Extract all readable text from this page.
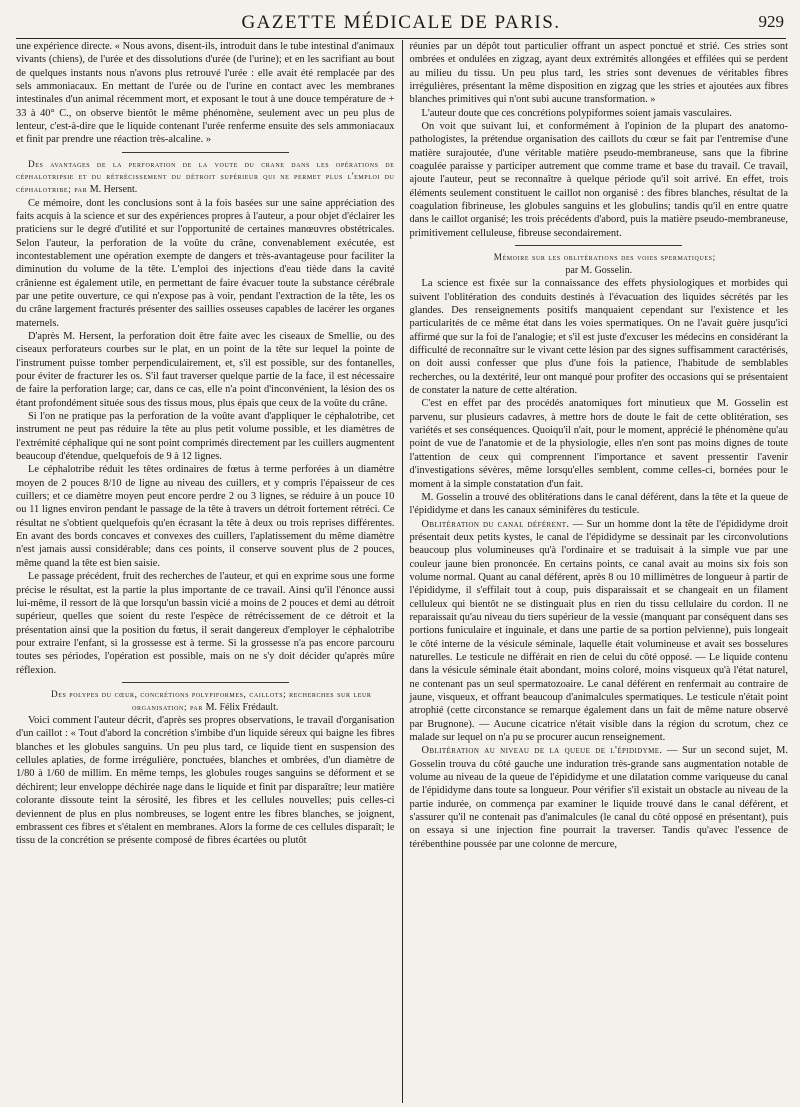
GAZETTE MÉDICALE DE PARIS.	929

une expérience directe. « Nous avons, disent-ils, introduit dans le tube intestinal d'animaux vivants (chiens), de l'urée et des dissolutions d'urée (de l'urine); et en les sacrifiant au bout de quelques instants nous n'avons plus retrouvé l'urée : elle avait été remplacée par des sels ammoniacaux. En mettant de l'urée ou de l'urine en contact avec les membranes intestinales d'un animal récemment mort, et exposant le tout à une douce température de + 33 à 40° C., on observe bientôt le même phénomène, seulement avec un peu plus de lenteur, c'est-à-dire que le liquide contenant l'urée renferme ensuite des sels ammoniacaux et finit par prendre une réaction très-alcaline. »

Des avantages de la perforation de la voute du crane dans les opérations de céphalotripsie et du rétrécissement du détroit supérieur qui ne permet plus l'emploi du céphalotribe; par M. Hersent.

Ce mémoire, dont les conclusions sont à la fois basées sur une saine appréciation des faits acquis à la science et sur des expériences propres à l'auteur, a pour objet d'éclairer les praticiens sur le degré d'utilité et sur l'opportunité de certaines manœuvres obstétricales. Selon l'auteur, la perforation de la voûte du crâne, convenablement exécutée, est incontestablement une opération exempte de dangers et très-avantageuse pour faciliter la diminution du volume de la tête. L'emploi des injections d'eau tiède dans la cavité crânienne est également utile, en permettant de faire évacuer toute la substance cérébrale par une petite ouverture, ce qui n'expose pas à voir, pendant l'extraction de la tête, les os du crâne largement fracturés présenter des saillies osseuses capables de lacérer les organes maternels.

D'après M. Hersent, la perforation doit être faite avec les ciseaux de Smellie, ou des ciseaux perforateurs courbes sur le plat, en un point de la tête sur lequel la pointe de l'instrument puisse tomber perpendiculairement, et, s'il est possible, sur des fontanelles, pour éviter de fracturer les os. S'il faut traverser quelque partie de la face, il est nécessaire de faire la perforation large; car, dans ce cas, elle n'a point d'inconvénient, la lésion des os étant profondément située sous des tissus mous, plus épais que ceux de la voûte du crâne.

Si l'on ne pratique pas la perforation de la voûte avant d'appliquer le céphalotribe, cet instrument ne peut pas réduire la tête au plus petit volume possible, et les diamètres de l'extrémité céphalique qui ne sont point comprimés directement par les cuillers augmentent beaucoup d'étendue, quelquefois de 9 à 12 lignes.

Le céphalotribe réduit les têtes ordinaires de fœtus à terme perforées à un diamètre moyen de 2 pouces 8/10 de ligne au niveau des cuillers, et y compris l'épaisseur de ces cuillers; et ce diamètre moyen peut encore perdre 2 ou 3 lignes, se réduire à un pouce 10 ou 11 lignes environ pendant le passage de la tête à travers un détroit fortement rétréci. Ce résultat ne s'obtient quelquefois qu'en écrasant la tête à deux ou trois reprises différentes. En avant des bords concaves et convexes des cuillers, l'aplatissement du même diamètre n'est jamais aussi considérable; dans ces points, il conserve souvent plus de 2 pouces, même quand la tête est bien saisie.

Le passage précédent, fruit des recherches de l'auteur, et qui en exprime sous une forme précise le résultat, est la partie la plus importante de ce travail. Ainsi qu'il l'énonce aussi lui-même, il ressort de là que lorsqu'un bassin vicié a moins de 2 pouces et demi au détroit supérieur, quelles que soient du reste l'espèce de rétrécissement de ce détroit et la présentation ainsi que la position du fœtus, il serait dangereux d'employer le céphalotribe pour extraire l'enfant, si la grossesse est à terme. Si la grossesse n'a pas encore parcouru toutes ses périodes, l'opération est possible, mais on ne s'y doit décider qu'après mûre réflexion.

Des polypes du cœur, concrétions polypiformes, caillots; recherches sur leur organisation; par M. Félix Frédault.

Voici comment l'auteur décrit, d'après ses propres observations, le travail d'organisation d'un caillot : « Tout d'abord la concrétion s'imbibe d'un liquide séreux qui baigne les fibres blanches et les globules sanguins. Un peu plus tard, ce liquide tient en suspension des cellules aplaties, de forme irrégulière, ponctuées, blanches et ombrées, d'un diamètre de 1/80 à 1/60 de millim. En même temps, les globules rouges sanguins se déforment et se déchirent; leur enveloppe déchirée nage dans le liquide et finit par disparaître; leur matière colorante dissoute teint la sérosité, les fibres et les cellules nouvelles; puis celles-ci deviennent de plus en plus nombreuses, se logent entre les fibres blanches, se joignent, embrassent ces fibres et s'étalent en membranes. Alors la forme de ces cellules disparaît; le tissu de la concrétion se présente composé de fibres écartées ou plutôt

réunies par un dépôt tout particulier offrant un aspect ponctué et strié. Ces stries sont ombrées et ondulées en zigzag, ayant deux extrémités allongées et effilées qui se perdent au milieu du tissu. Un peu plus tard, les stries sont devenues de véritables fibres irrégulières, présentant la même disposition en zigzag que les stries et ajoutées aux fibres blanches primitives qui n'ont subi aucune transformation. »

L'auteur doute que ces concrétions polypiformes soient jamais vasculaires.

On voit que suivant lui, et conformément à l'opinion de la plupart des anatomo-pathologistes, la prétendue organisation des caillots du cœur se fait par l'entremise d'une matière surajoutée, d'une véritable matière pseudo-membraneuse, sans que la fibrine coagulée paraisse y participer autrement que comme trame et base du travail. Ce travail, ajoute l'auteur, peut se reconnaître à quelque période qu'il soit arrivé. En effet, trois éléments seulement constituent le caillot non organisé : des fibres blanches, résultat de la coagulation fibrineuse, les globules sanguins et les globulins; tandis qu'il en entre quatre dans le caillot organisé; les trois précédents d'abord, puis la matière pseudo-membraneuse, primitivement celluleuse, fibreuse secondairement.

Mémoire sur les oblitérations des voies spermatiques;
par M. Gosselin.

La science est fixée sur la connaissance des effets physiologiques et morbides qui suivent l'oblitération des conduits destinés à l'évacuation des liquides sécrétés par les glandes. Des renseignements positifs manquaient cependant sur l'existence et les particularités de ce même état dans les voies spermatiques. On ne l'avait guère jusqu'ici affirmé que sur la foi de l'analogie; et s'il est juste d'excuser les médecins en considérant la difficulté de reconnaître sur le vivant cette lésion par des signes suffisamment caractérisés, on doit aussi confesser que plus d'une fois la patience, l'habitude de semblables recherches, ou la dextérité, leur ont manqué pour profiter des occasions qui se présentaient de constater la nature de cette altération.

C'est en effet par des procédés anatomiques fort minutieux que M. Gosselin est parvenu, sur plusieurs cadavres, à mettre hors de doute le fait de cette oblitération, ses variétés et ses conséquences. Quoiqu'il n'ait, pour le moment, apprécié le phénomène qu'au point de vue de l'anatomie et de la physiologie, elles n'en sont pas moins dignes de toute l'attention de ceux qui comprennent l'importance et savent pressentir l'avenir d'investigations sévères, même lorsqu'elles semblent, comme celles-ci, bornées pour le moment à la simple constatation d'un fait.

M. Gosselin a trouvé des oblitérations dans le canal déférent, dans la tête et la queue de l'épididyme et dans les canaux séminifères du testicule.

Oblitération du canal déférent. — Sur un homme dont la tête de l'épididyme droit présentait deux petits kystes, le canal de l'épididyme se dessinait par les circonvolutions beaucoup plus volumineuses qu'à l'ordinaire et se traduisait à la simple vue par une couleur jaune bien prononcée. En certains points, ce canal avait au moins six fois son volume normal. Quant au canal déférent, après 8 ou 10 millimètres de longueur à partir de l'épididyme, il s'effilait tout à coup, puis disparaissait et se changeait en un filament celluleux qui bientôt ne se distinguait plus en rien du tissu cellulaire du cordon. Il ne reparaissait qu'au niveau du tiers supérieur de la vessie (manquant par conséquent dans ses portions funiculaire et inguinale, et dans une partie de sa portion pelvienne), puis longeait le côté interne de la vésicule séminale, laquelle était volumineuse et avait ses bosselures naturelles. Le testicule ne différait en rien de celui du côté opposé. — Le liquide contenu dans la vésicule séminale était abondant, moins coloré, moins visqueux qu'à l'état naturel, ne contenant pas un seul spermatozoaire. Le canal déférent en renfermait au contraire de jaune, visqueux, et offrant beaucoup d'animalcules spermatiques. Le testicule n'était point atrophié (cette circonstance se remarque également dans un fait de même nature observé par Brugnone). — Aucune cicatrice n'était visible dans la région du scrotum, chez ce malade sur lequel on n'a pu se procurer aucun renseignement.

Oblitération au niveau de la queue de l'épididyme. — Sur un second sujet, M. Gosselin trouva du côté gauche une induration très-grande sans augmentation notable de volume au niveau de la queue de l'épididyme et une dilatation comme variqueuse du canal de l'épididyme dans toute sa longueur. Pour vérifier s'il existait un obstacle au niveau de la partie indurée, on commença par examiner le liquide trouvé dans le canal déférent, et s'assurer qu'il ne contenait pas d'animalcules (le canal du côté opposé en présentant), puis on essaya si une injection fine pourrait la traverser. Tandis qu'avec l'essence de térébenthine poussée par une colonne de mercure,
